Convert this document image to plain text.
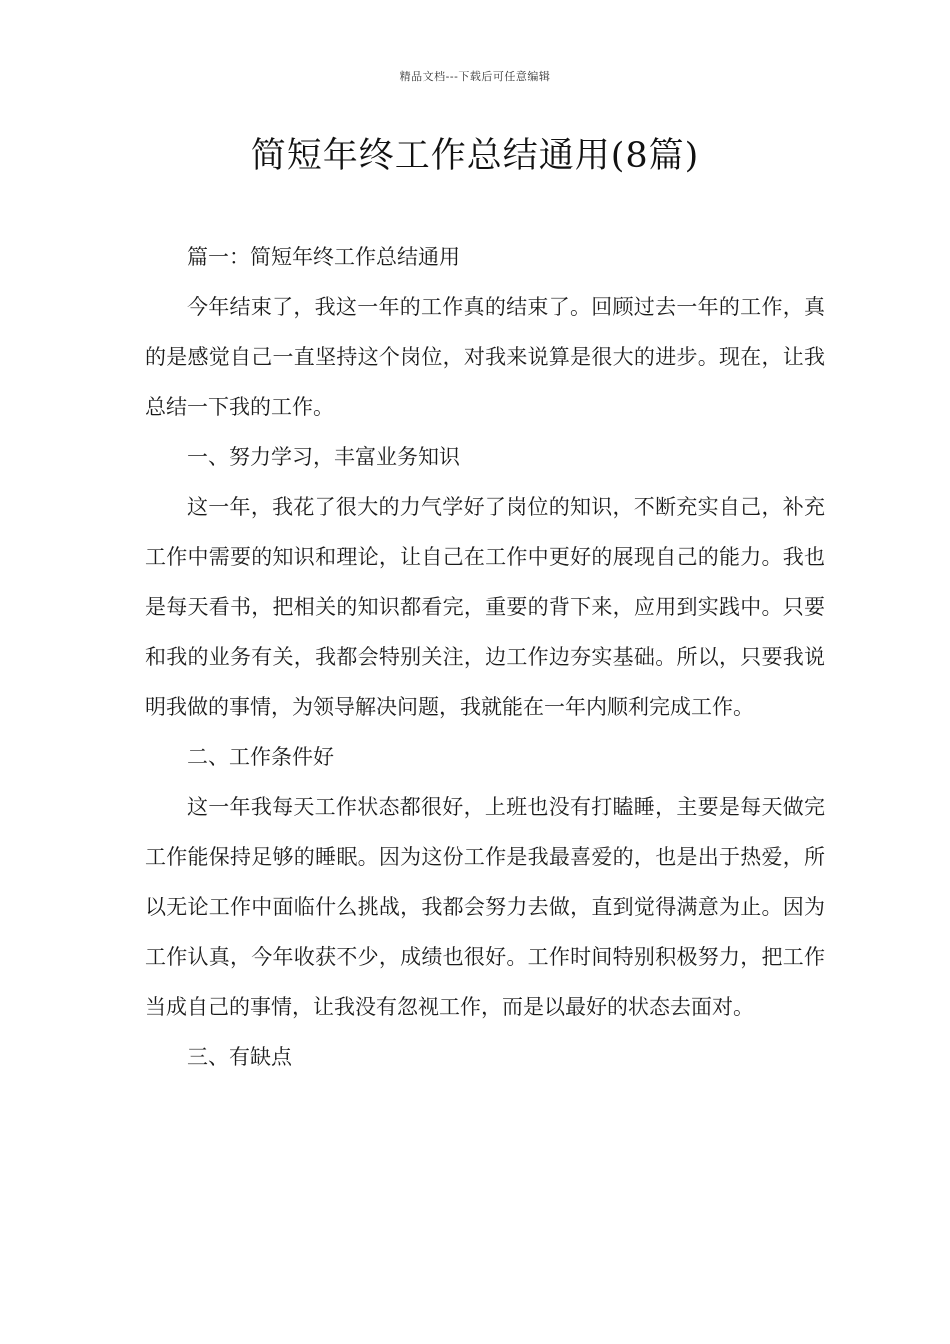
精品文档---下载后可任意编辑
简短年终工作总结通用(8篇)

篇一：简短年终工作总结通用

今年结束了，我这一年的工作真的结束了。回顾过去一年的工作，真的是感觉自己一直坚持这个岗位，对我来说算是很大的进步。现在，让我总结一下我的工作。

一、努力学习，丰富业务知识

这一年，我花了很大的力气学好了岗位的知识，不断充实自己，补充工作中需要的知识和理论，让自己在工作中更好的展现自己的能力。我也是每天看书，把相关的知识都看完，重要的背下来，应用到实践中。只要和我的业务有关，我都会特别关注，边工作边夯实基础。所以，只要我说明我做的事情，为领导解决问题，我就能在一年内顺利完成工作。

二、工作条件好

这一年我每天工作状态都很好，上班也没有打瞌睡，主要是每天做完工作能保持足够的睡眠。因为这份工作是我最喜爱的，也是出于热爱，所以无论工作中面临什么挑战，我都会努力去做，直到觉得满意为止。因为工作认真，今年收获不少，成绩也很好。工作时间特别积极努力，把工作当成自己的事情，让我没有忽视工作，而是以最好的状态去面对。

三、有缺点
